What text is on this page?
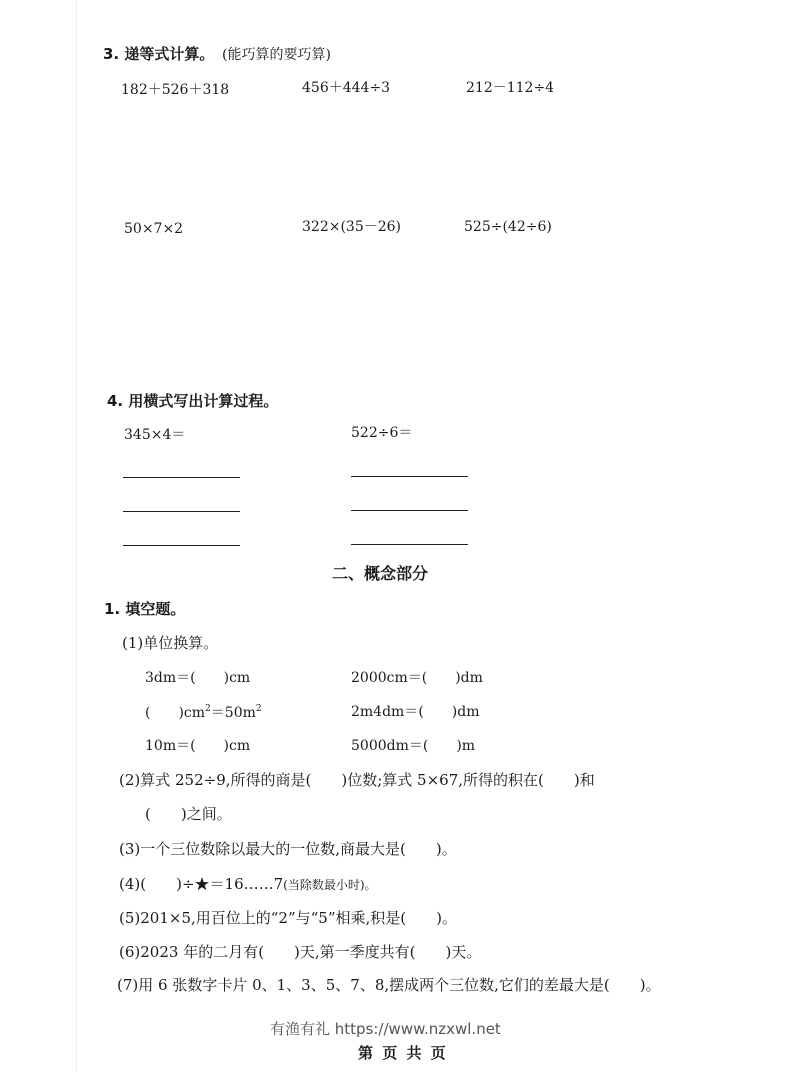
3. 递等式计算。 (能巧算的要巧算)
182＋526＋318	456＋444÷3	212－112÷4
50×7×2	322×(35－26)	525÷(42÷6)
4. 用横式写出计算过程。
345×4＝	522÷6＝
二、概念部分
1. 填空题。
(1)单位换算。
3dm＝(　　)cm	2000cm＝(　　)dm
(　　)$cm^2=50m^2$	2m4dm＝(　　)dm
10m＝(　　)cm	5000dm＝(　　)m
(2)算式 252÷9,所得的商是(　　)位数;算式 5×67,所得的积在(　　)和
(　　)之间。
(3)一个三位数除以最大的一位数,商最大是(　　)。
(4)(　　)÷★＝16……7(当除数最小时)。
(5)201×5,用百位上的“2”与“5”相乘,积是(　　)。
(6)2023 年的二月有(　　)天,第一季度共有(　　)天。
(7)用 6 张数字卡片 0、1、3、5、7、8,摆成两个三位数,它们的差最大是(　　)。
有渔有礼 https://www.nzxwl.net
第 页 共 页
